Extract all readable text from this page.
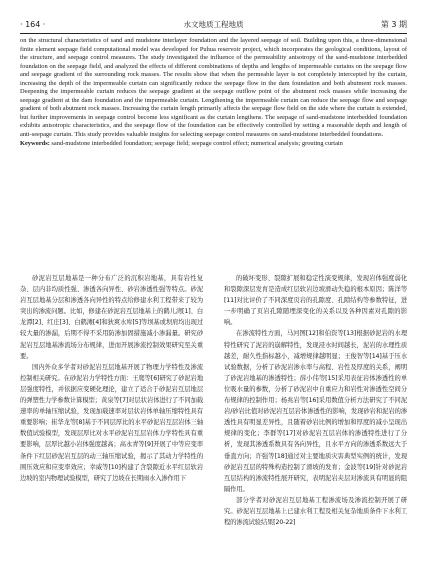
· 164 ·	水文地质工程地质	第 3 期

on the structural characteristics of sand and mudstone interlayer foundation and the layered seepage of soil. Building upon this, a three-dimensional finite element seepage field computational model was developed for Puhua reservoir project, which incorporates the geological conditions, layout of the structure, and seepage control measures. The study investigated the influence of the permeability anisotropy of the sand-mudstone interbedded foundation on the seepage field, and analyzed the effects of different combinations of depths and lengths of impermeable curtains on the seepage flow and seepage gradient of the surrounding rock masses. The results show that when the permeable layer is not completely intercepted by the curtain, increasing the depth of the impermeable curtain can significantly reduce the seepage flow in the dam foundation and both abutment rock masses. Deepening the impermeable curtain reduces the seepage gradient at the seepage outflow point of the abutment rock masses while increasing the seepage gradient at the dam foundation and the impermeable curtain. Lengthening the impermeable curtain can reduce the seepage flow and seepage gradient of both abutment rock masses. Increasing the curtain length primarily affects the seepage flow field on the side where the curtain is extended, but further improvements in seepage control become less significant as the curtain lengthens. The seepage of sand-mudstone interbedded foundation exhibits anisotropic characteristics, and the seepage flow of the foundation can be effectively controlled by setting a reasonable depth and length of anti-seepage curtain. This study provides valuable insights for selecting seepage control measures on sand-mudstone interbedded foundations.

Keywords: sand-mudstone interbedded foundation; seepage field; seepage control effect; numerical analysis; grouting curtain

砂泥岩互层地基是一种分布广泛的沉积岩地基，具有岩性复杂、层内非均质性强、渗透各向异性、砂岩渗透性强等特点。砂泥岩互层地基分层和渗透各向异性的特点给修建水利工程带来了较为突出的渗流问题。比如，修建在砂泥岩互层地基上的鹤儿湾[1]、白龙潭[2]、红庄[3]、白鹤滩[4]和狄爽水库[5]等坝基或坝肩均出现过较大量的渗漏，后期不得不采用防渗加固措施减小渗漏量。研究砂泥岩互层地基渗流场分布规律，进而开展渗流控制效果研究至关重要。

国内外众多学者对砂泥岩互层地基开展了物理力学特性及渗流控制相关研究。在砂泥岩力学特性方面：王爬等[6]研究了砂泥岩地层强度特性，并依据应变硬化理论，建立了适合于砂泥岩互层地层的弹塑性力学参数计算模型；黄泉等[7]对层状岩体进行了不同加载速率的单轴压缩试验，发现加载速率对层状岩体单轴压缩特性具有重要影响；崔华龙等[8]基于不同层厚比的水平砂泥岩互层岩体三轴数值试验模型，发现层厚比对水平砂泥岩互层岩体力学特性具有重要影响，层厚比越小岩体强度越高；高永青等[9]开展了中等应变率条件下红层砂泥岩互层的动三轴压缩试验，揭示了其动力学特性的围压效应和应变率效应；幸威等[10]构建了含裂隙近水平红层软岩边坡的室内物理试验模型，研究了边坡在长期雨水入渗作用下

的破坏变形、裂隙扩展和稳定性演变规律，发现岩体强度弱化和裂隙深层发育是造成红层软岩边坡滑动失稳的根本原因；陈洋等[11]对比评价了不同深度页岩的孔隙度、孔隙结构等参数特征，进一步明确了页岩孔隙随埋深变化的关系以及各种因素对孔隙的影响。

在渗流特性方面，马河图[12]和伯资等[13]根据砂泥岩的水理特性研究了泥岩的崩解特性，发现浸水时间越长，泥岩的水理性质越差，耐久性指标越小，减增规律越明显；王俊智等[14]基于压水试验数据，分析了砂泥岩渗水率与高程、岩性及厚度的关系，阐明了砂泥岩地基的渗透特性；薛小伟等[15]采用表征岩体渗透性的单位吸水量的参数，分析了砂泥岩中自重应力和岩性对渗透性空间分布规律的控制作用；杨兆岩等[16]采用数值分析方法研究了不同泥岩/砂岩比值对砂泥岩互层岩体渗透性的影响，发现砂岩和泥岩的渗透性具有明显差异性，且随着砂岩比例的增加和厚度的减小呈现出规律的变化；李群等[17]对砂泥岩互层岩体的渗透特性进行了分析，发现其渗透系数具有各向异性，且水平方向的渗透系数远大于垂直方向；许强等[18]通过对主要地质灾害典型实例的统计，发现砂泥岩互层的特殊构造控制了滑坡的发育；金波等[19]针对砂泥岩互层结构的渗流特性展开研究，表明泥岩夹层对渗流具有明显的阻隔作用。

部分学者对砂泥岩互层地基工程渗流场及渗流控制开展了研究。砂泥岩互层地基上已建水利工程及相关复杂地质条件下水利工程的渗流试验结果[20-22]
